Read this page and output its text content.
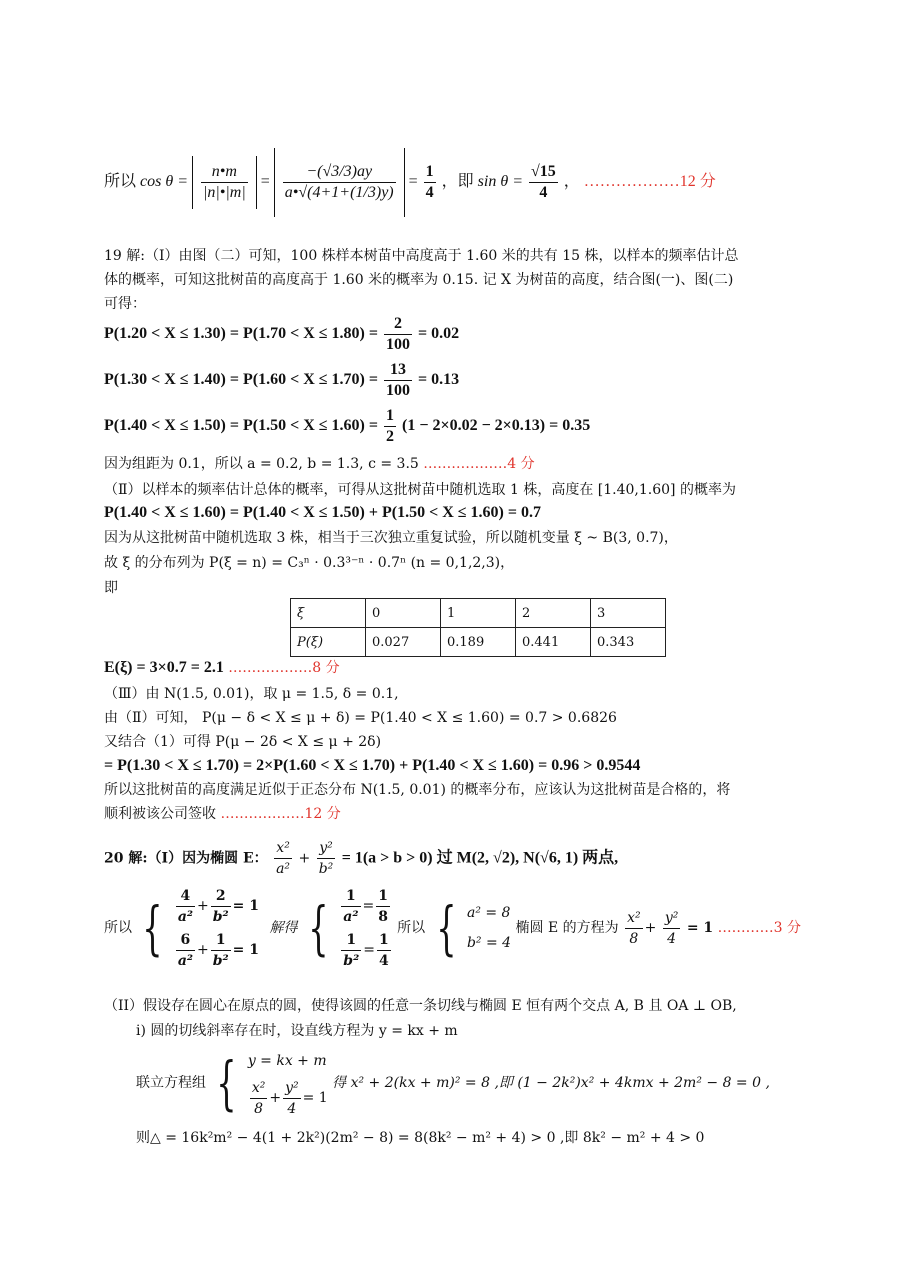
所以 $\cos \theta = \frac{n•m}{|n|•|m|} = \frac{-(√3/3)ay}{a•√(4+1+(1/3)y)} = \frac{1}{4}$ ，即 $\sin \theta = \frac{√15}{4}$ ， ………………12 分
19 解:（Ⅰ）由图（二）可知，100 株样本树苗中高度高于 1.60 米的共有 15 株，以样本的频率估计总
体的概率，可知这批树苗的高度高于 1.60 米的概率为 0.15. 记 X 为树苗的高度，结合图(一)、图(二)
可得：
$P(1.20 < X \le 1.30) = P(1.70 < X \le 1.80) = \frac{2}{100} = 0.02$
$P(1.30 < X \le 1.40) = P(1.60 < X \le 1.70) = \frac{13}{100} = 0.13$
$P(1.40 < X \le 1.50) = P(1.50 < X \le 1.60) = \frac{1}{2} (1 - 2\times 0.02 - 2\times 0.13) = 0.35$
因为组距为 0.1，所以 a = 0.2, b = 1.3, c = 3.5 ………………4 分
（Ⅱ）以样本的频率估计总体的概率，可得从这批树苗中随机选取 1 株，高度在 [1.40,1.60] 的概率为
P(1.40 < X ≤ 1.60) = P(1.40 < X ≤ 1.50) + P(1.50 < X ≤ 1.60) = 0.7
因为从这批树苗中随机选取 3 株，相当于三次独立重复试验，所以随机变量 ξ ~ B(3, 0.7)，
故 ξ 的分布列为 P(ξ = n) = C₃ⁿ · 0.3³⁻ⁿ · 0.7ⁿ (n = 0,1,2,3)，
即
ξ	0	1	2	3
P(ξ)	0.027	0.189	0.441	0.343
E(ξ) = 3×0.7 = 2.1 ………………8 分
（Ⅲ）由 N(1.5, 0.01)，取 μ = 1.5, δ = 0.1,
由（Ⅱ）可知， P(μ − δ < X ≤ μ + δ) = P(1.40 < X ≤ 1.60) = 0.7 > 0.6826
又结合（1）可得 P(μ − 2δ < X ≤ μ + 2δ)
= P(1.30 < X ≤ 1.70) = 2×P(1.60 < X ≤ 1.70) + P(1.40 < X ≤ 1.60) = 0.96 > 0.9544
所以这批树苗的高度满足近似于正态分布 N(1.5, 0.01) 的概率分布，应该认为这批树苗是合格的，将
顺利被该公司签收 ………………12 分
20 解:（I）因为椭圆 E： $\frac{\text{x²}}{\text{a²}} + \frac{\text{y²}}{\text{b²}} = 1(a > b > 0)$ 过 M(2, √2), N(√6, 1) 两点,
所以 { $\frac{4}{\text{a²}} + \frac{2}{\text{b²}} = 1$
$\frac{6}{\text{a²}} + \frac{1}{\text{b²}} = 1$
解得 { $\frac{1}{\text{a²}} = \frac{1}{8}$
$\frac{1}{\text{b²}} = \frac{1}{4}$
所以 { a² = 8
b² = 4
椭圆 E 的方程为 $\frac{\text{x²}}{8} + \frac{\text{y²}}{4} = 1$ …………3 分
（II）假设存在圆心在原点的圆，使得该圆的任意一条切线与椭圆 E 恒有两个交点 A, B 且 OA ⊥ OB,
i) 圆的切线斜率存在时，设直线方程为 y = kx + m
联立方程组 { y = kx + m
$\frac{\text{x²}}{8} + \frac{\text{y²}}{4} = 1$
得 x² + 2(kx + m)² = 8 ,即 (1 − 2k²)x² + 4kmx + 2m² − 8 = 0 ,
则△ = 16k²m² − 4(1 + 2k²)(2m² − 8) = 8(8k² − m² + 4) > 0 ,即 8k² − m² + 4 > 0
